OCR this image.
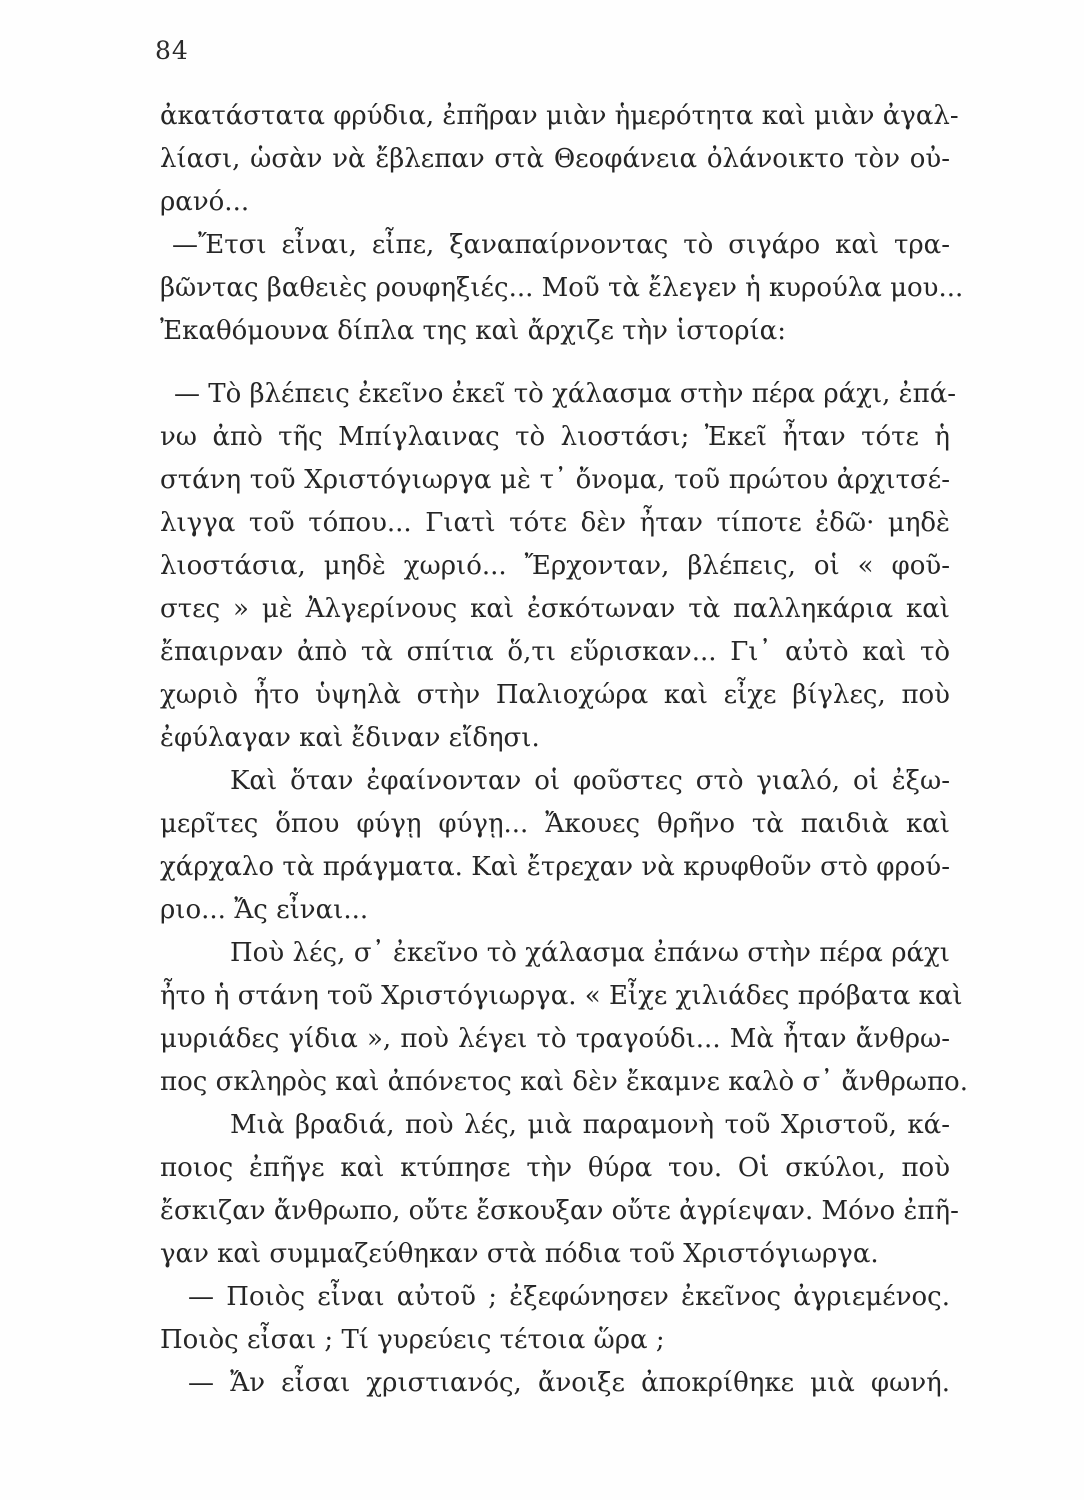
84
ἀκατάστατα φρύδια, ἐπῆραν μιὰν ἡμερότητα καὶ μιὰν ἀγαλ-
λίασι, ὡσὰν νὰ ἔβλεπαν στὰ Θεοφάνεια ὀλάνοικτο τὸν οὐ-
ρανό...
—Ἔτσι εἶναι, εἶπε, ξαναπαίρνοντας τὸ σιγάρο καὶ τρα-
βῶντας βαθειὲς ρουφηξιές... Μοῦ τὰ ἔλεγεν ἡ κυρούλα μου...
Ἐκαθόμουνα δίπλα της καὶ ἄρχιζε τὴν ἱστορία:
— Τὸ βλέπεις ἐκεῖνο ἐκεῖ τὸ χάλασμα στὴν πέρα ράχι, ἐπά-
νω ἀπὸ τῆς Μπίγλαινας τὸ λιοστάσι; Ἐκεῖ ἦταν τότε ἡ
στάνη τοῦ Χριστόγιωργα μὲ τ᾿ ὄνομα, τοῦ πρώτου ἀρχιτσέ-
λιγγα τοῦ τόπου... Γιατὶ τότε δὲν ἦταν τίποτε ἐδῶ· μηδὲ
λιοστάσια, μηδὲ χωριό... Ἔρχονταν, βλέπεις, οἱ « φοῦ-
στες » μὲ Ἀλγερίνους καὶ ἐσκότωναν τὰ παλληκάρια καὶ
ἔπαιρναν ἀπὸ τὰ σπίτια ὅ,τι εὕρισκαν... Γι᾿ αὐτὸ καὶ τὸ
χωριὸ ἦτο ὑψηλὰ στὴν Παλιοχώρα καὶ εἶχε βίγλες, ποὺ
ἐφύλαγαν καὶ ἔδιναν εἴδησι.
Καὶ ὅταν ἐφαίνονταν οἱ φοῦστες στὸ γιαλό, οἱ ἐξω-
μερῖτες ὅπου φύγῃ φύγῃ... Ἄκουες θρῆνο τὰ παιδιὰ καὶ
χάρχαλο τὰ πράγματα. Καὶ ἔτρεχαν νὰ κρυφθοῦν στὸ φρού-
ριο... Ἄς εἶναι...
Ποὺ λές, σ᾿ ἐκεῖνο τὸ χάλασμα ἐπάνω στὴν πέρα ράχι
ἦτο ἡ στάνη τοῦ Χριστόγιωργα. « Εἶχε χιλιάδες πρόβατα καὶ
μυριάδες γίδια », ποὺ λέγει τὸ τραγούδι... Μὰ ἦταν ἄνθρω-
πος σκληρὸς καὶ ἀπόνετος καὶ δὲν ἔκαμνε καλὸ σ᾿ ἄνθρωπο.
Μιὰ βραδιά, ποὺ λές, μιὰ παραμονὴ τοῦ Χριστοῦ, κά-
ποιος ἐπῆγε καὶ κτύπησε τὴν θύρα του. Οἱ σκύλοι, ποὺ
ἔσκιζαν ἄνθρωπο, οὔτε ἔσκουξαν οὔτε ἀγρίεψαν. Μόνο ἐπῆ-
γαν καὶ συμμαζεύθηκαν στὰ πόδια τοῦ Χριστόγιωργα.
— Ποιὸς εἶναι αὐτοῦ ; ἐξεφώνησεν ἐκεῖνος ἀγριεμένος.
Ποιὸς εἶσαι ; Τί γυρεύεις τέτοια ὥρα ;
— Ἄν εἶσαι χριστιανός, ἄνοιξε ἀποκρίθηκε μιὰ φωνή.
